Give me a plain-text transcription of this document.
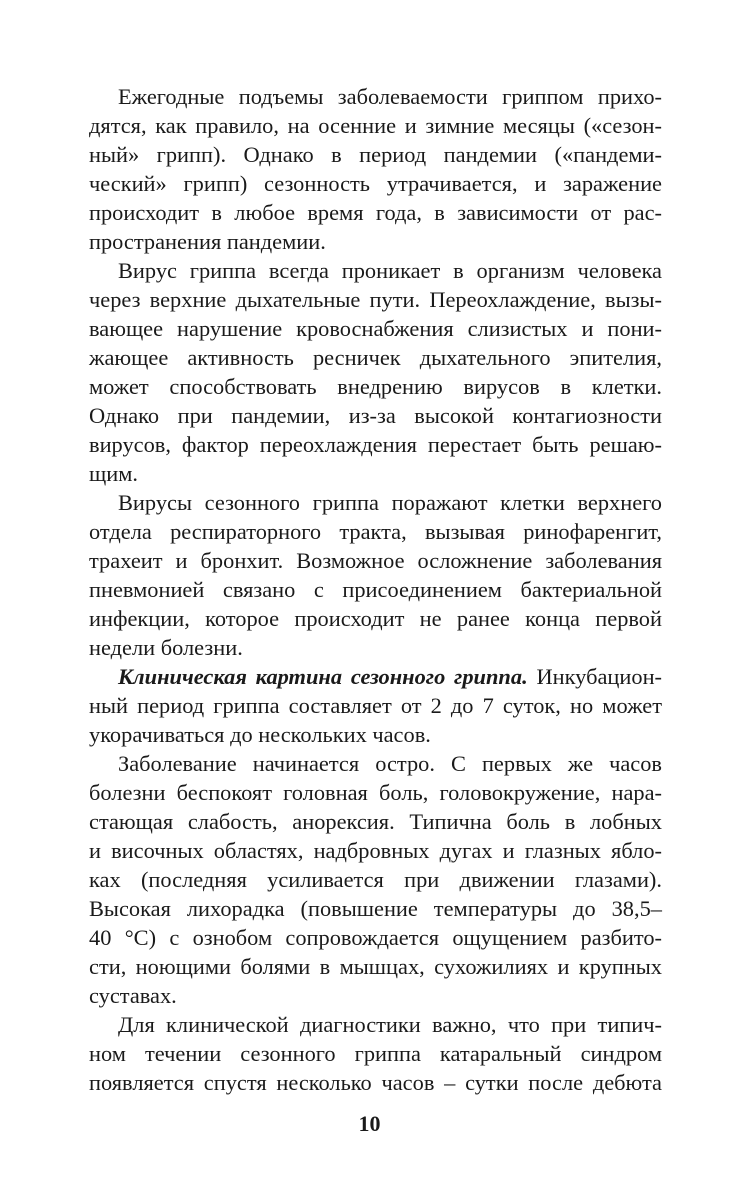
Ежегодные подъемы заболеваемости гриппом прихо-
дятся, как правило, на осенние и зимние месяцы («сезон-
ный» грипп). Однако в период пандемии («пандеми-
ческий» грипп) сезонность утрачивается, и заражение
происходит в любое время года, в зависимости от рас-
пространения пандемии.
Вирус гриппа всегда проникает в организм человека
через верхние дыхательные пути. Переохлаждение, вызы-
вающее нарушение кровоснабжения слизистых и пони-
жающее активность ресничек дыхательного эпителия,
может способствовать внедрению вирусов в клетки.
Однако при пандемии, из-за высокой контагиозности
вирусов, фактор переохлаждения перестает быть решаю-
щим.
Вирусы сезонного гриппа поражают клетки верхнего
отдела респираторного тракта, вызывая ринофаренгит,
трахеит и бронхит. Возможное осложнение заболевания
пневмонией связано с присоединением бактериальной
инфекции, которое происходит не ранее конца первой
недели болезни.
Клиническая картина сезонного гриппа. Инкубацион-
ный период гриппа составляет от 2 до 7 суток, но может
укорачиваться до нескольких часов.
Заболевание начинается остро. С первых же часов
болезни беспокоят головная боль, головокружение, нара-
стающая слабость, анорексия. Типична боль в лобных
и височных областях, надбровных дугах и глазных ябло-
ках (последняя усиливается при движении глазами).
Высокая лихорадка (повышение температуры до 38,5–
40 °С) с ознобом сопровождается ощущением разбито-
сти, ноющими болями в мышцах, сухожилиях и крупных
суставах.
Для клинической диагностики важно, что при типич-
ном течении сезонного гриппа катаральный синдром
появляется спустя несколько часов – сутки после дебюта
10
